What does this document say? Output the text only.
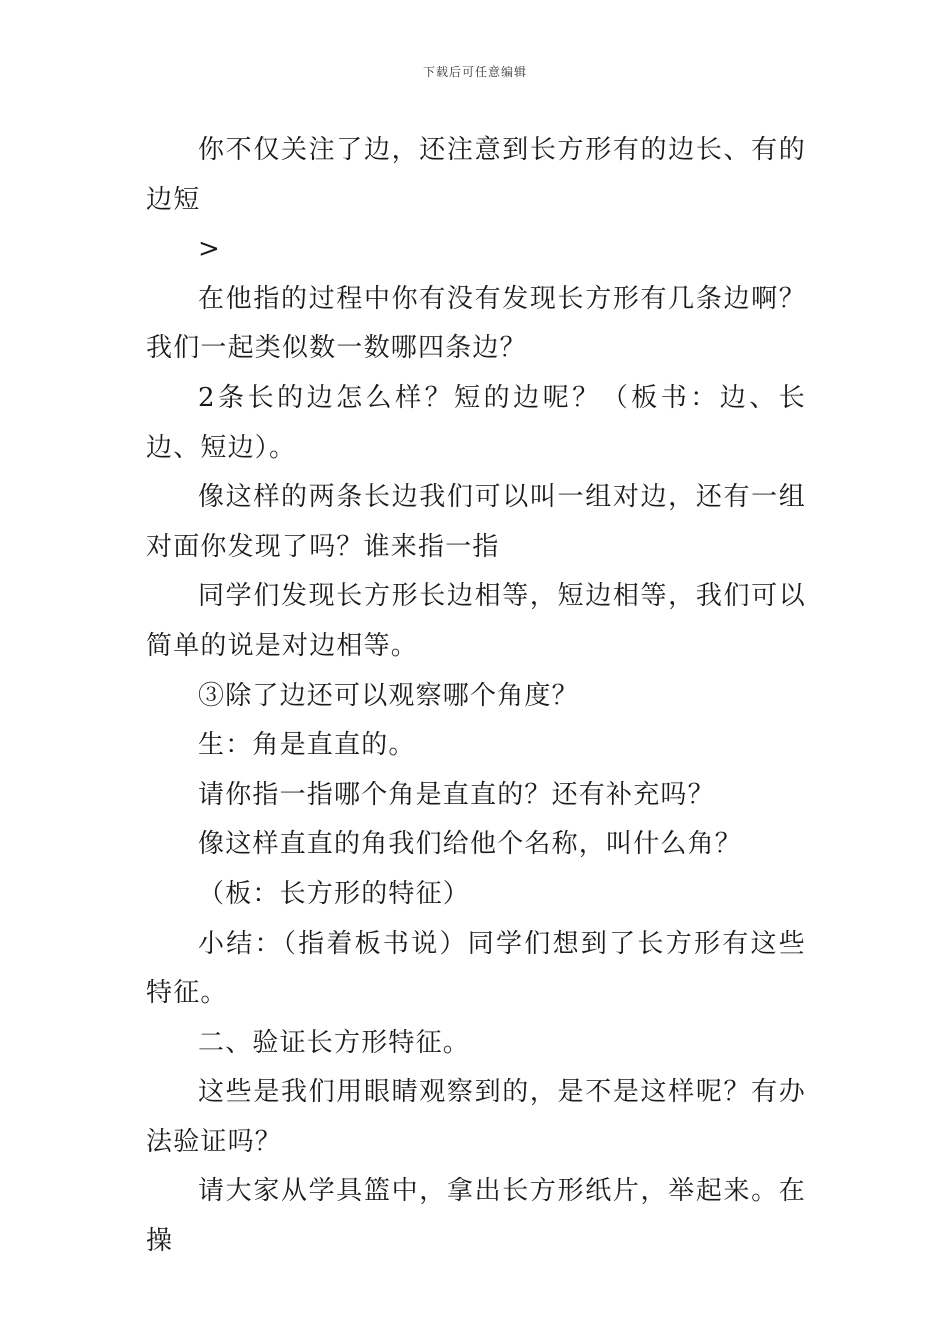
下载后可任意编辑

你不仅关注了边，还注意到长方形有的边长、有的边短

>

在他指的过程中你有没有发现长方形有几条边啊？我们一起类似数一数哪四条边？

2条长的边怎么样？短的边呢？（板书：边、长边、短边）。

像这样的两条长边我们可以叫一组对边，还有一组对面你发现了吗？谁来指一指

同学们发现长方形长边相等，短边相等，我们可以简单的说是对边相等。

③除了边还可以观察哪个角度？

生：角是直直的。

请你指一指哪个角是直直的？还有补充吗？

像这样直直的角我们给他个名称，叫什么角？

（板：长方形的特征）

小结：（指着板书说）同学们想到了长方形有这些特征。

二、验证长方形特征。

这些是我们用眼睛观察到的，是不是这样呢？有办法验证吗？

请大家从学具篮中，拿出长方形纸片，举起来。在操
